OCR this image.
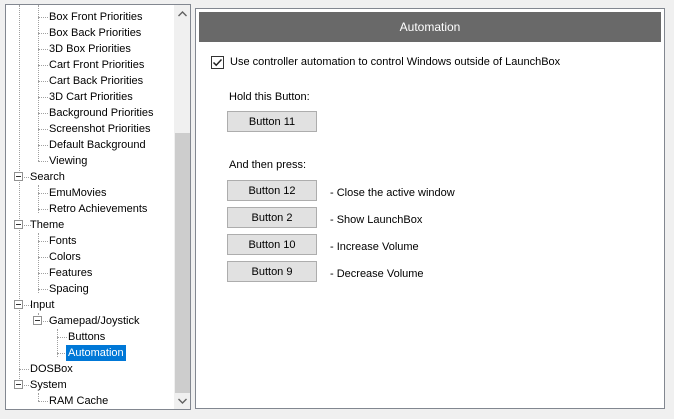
Box Front Priorities
Box Back Priorities
3D Box Priorities
Cart Front Priorities
Cart Back Priorities
3D Cart Priorities
Background Priorities
Screenshot Priorities
Default Background
Viewing
Search
EmuMovies
Retro Achievements
Theme
Fonts
Colors
Features
Spacing
Input
Gamepad/Joystick
Buttons
Automation
DOSBox
System
RAM Cache
Automation
Use controller automation to control Windows outside of LaunchBox
Hold this Button:
Button 11
And then press:
Button 12	- Close the active window
Button 2	- Show LaunchBox
Button 10	- Increase Volume
Button 9	- Decrease Volume
